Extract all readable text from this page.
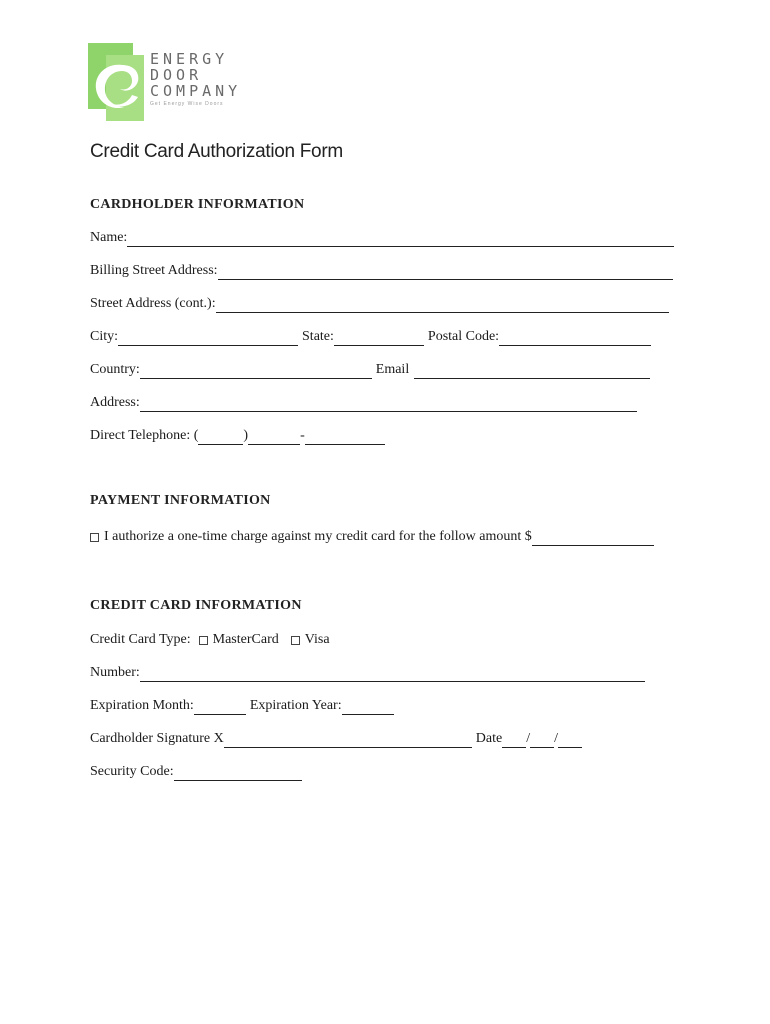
ENERGY
DOOR
COMPANY
Get Energy Wise Doors
Credit Card Authorization Form
CARDHOLDER INFORMATION
Name:
Billing Street Address:
Street Address (cont.):
City:	State:	Postal Code:
Country:	Email
Address:
Direct Telephone: (	)	-
PAYMENT INFORMATION
I authorize a one-time charge against my credit card for the follow amount $
CREDIT CARD INFORMATION
Credit Card Type: MasterCard Visa
Number:
Expiration Month:	Expiration Year:
Cardholder Signature X	Date / /
Security Code:
